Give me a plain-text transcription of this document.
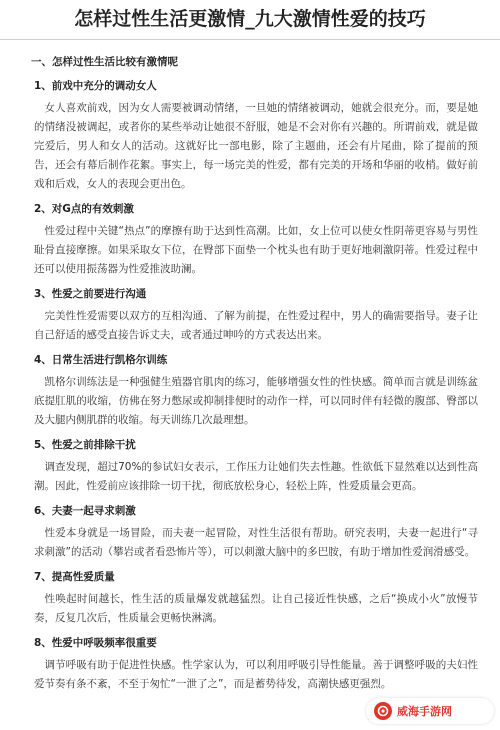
怎样过性生活更激情_九大激情性爱的技巧
一、怎样过性生活比较有激情呢
1、前戏中充分的调动女人
女人喜欢前戏，因为女人需要被调动情绪，一旦她的情绪被调动，她就会很充分。而，要是她的情绪没被调起，或者你的某些举动让她很不舒服，她是不会对你有兴趣的。所谓前戏，就是做完爱后，男人和女人的活动。这就好比一部电影，除了主题曲，还会有片尾曲，除了提前的预告，还会有幕后制作花絮。事实上，每一场完美的性爱，都有完美的开场和华丽的收梢。做好前戏和后戏，女人的表现会更出色。
2、对G点的有效刺激
性爱过程中关键“热点”的摩擦有助于达到性高潮。比如，女上位可以使女性阴蒂更容易与男性耻骨直接摩擦。如果采取女下位，在臀部下面垫一个枕头也有助于更好地刺激阴蒂。性爱过程中还可以使用振荡器为性爱推波助澜。
3、性爱之前要进行沟通
完美性性爱需要以双方的互相沟通、了解为前提，在性爱过程中，男人的确需要指导。妻子让自己舒适的感受直接告诉丈夫，或者通过呻吟的方式表达出来。
4、日常生活进行凯格尔训练
凯格尔训练法是一种强健生殖器官肌肉的练习，能够增强女性的性快感。简单而言就是训练盆底提肛肌的收缩，仿佛在努力憋尿或抑制排便时的动作一样，可以同时伴有轻微的腹部、臀部以及大腿内侧肌群的收缩。每天训练几次最理想。
5、性爱之前排除干扰
调查发现，超过70%的参试妇女表示，工作压力让她们失去性趣。性欲低下显然难以达到性高潮。因此，性爱前应该排除一切干扰，彻底放松身心，轻松上阵，性爱质量会更高。
6、夫妻一起寻求刺激
性爱本身就是一场冒险，而夫妻一起冒险，对性生活很有帮助。研究表明，夫妻一起进行“寻求刺激”的活动（攀岩或者看恐怖片等），可以刺激大脑中的多巴胺，有助于增加性爱润滑感受。
7、提高性爱质量
性唤起时间越长，性生活的质量爆发就越猛烈。让自己接近性快感，之后“换成小火”放慢节奏，反复几次后，性质量会更畅快淋漓。
8、性爱中呼吸频率很重要
调节呼吸有助于促进性快感。性学家认为，可以利用呼吸引导性能量。善于调整呼吸的夫妇性爱节奏有条不紊，不至于匆忙“一泄了之”，而是蓄势待发，高潮快感更强烈。
威海手游网
